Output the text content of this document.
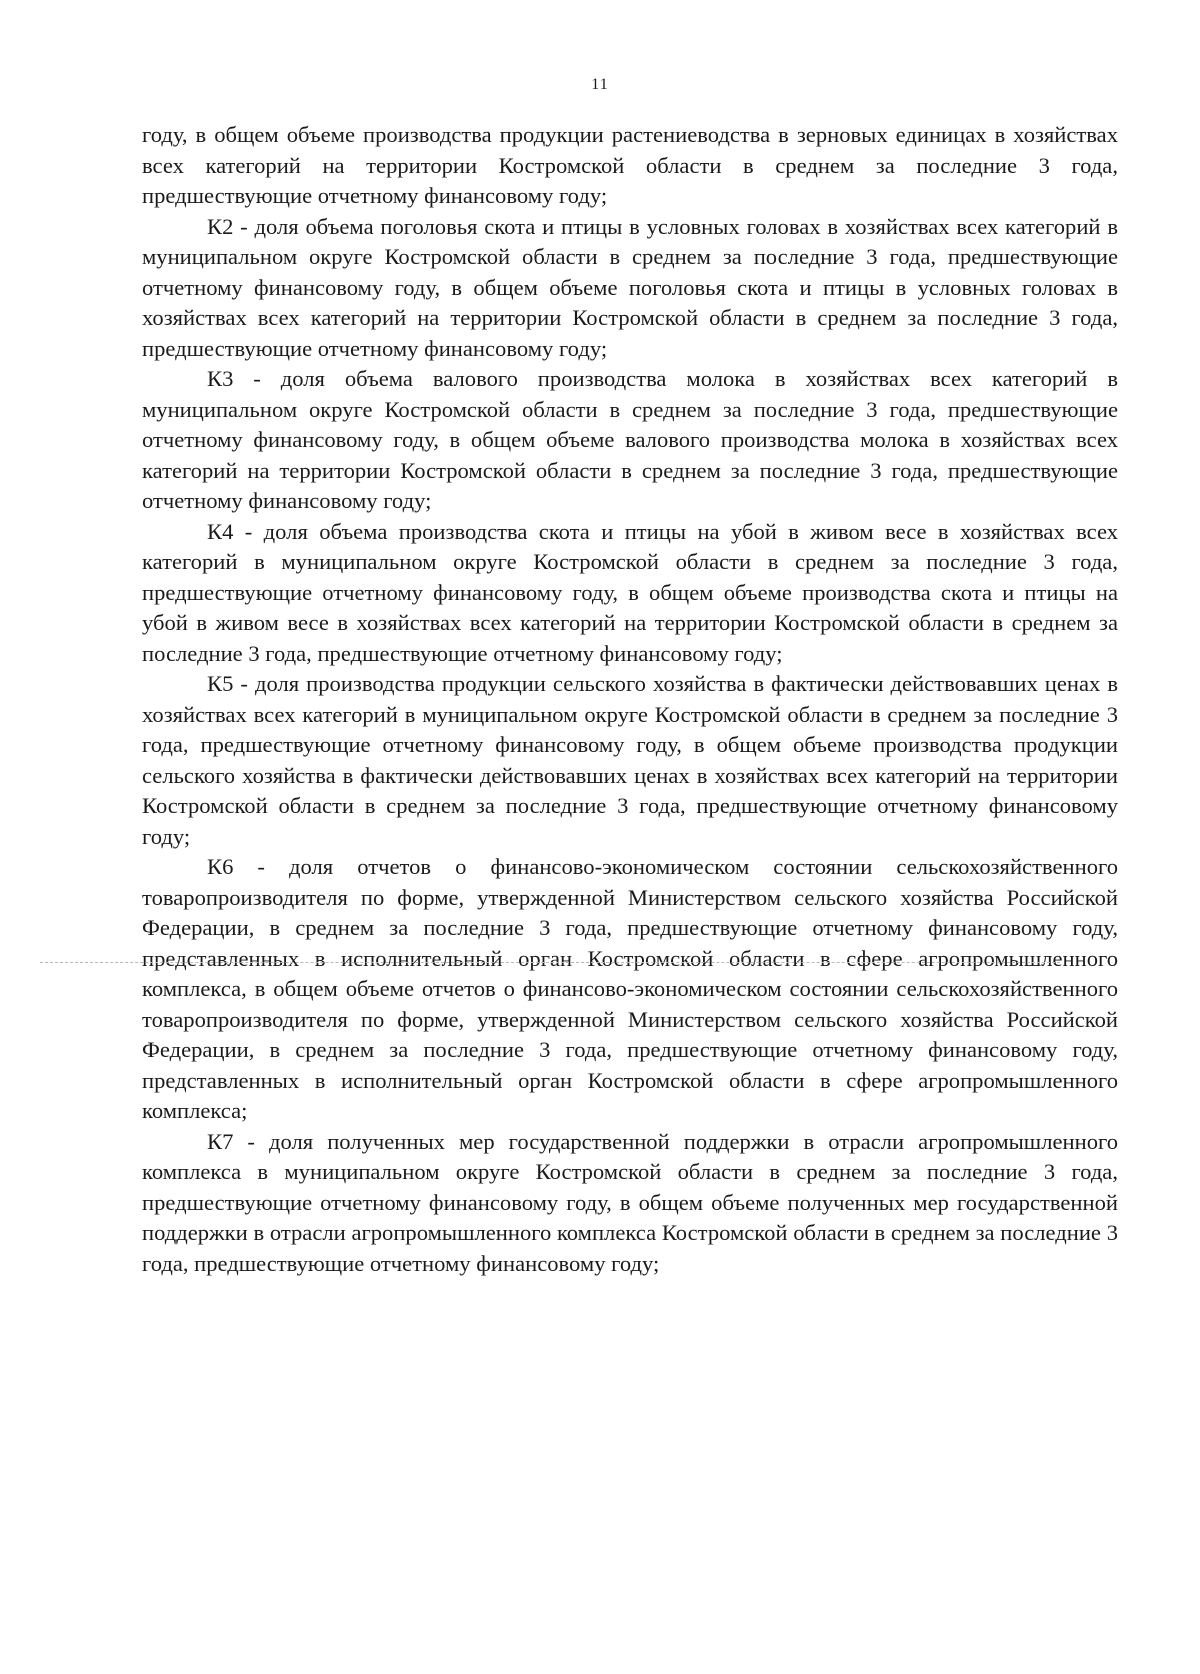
11

году, в общем объеме производства продукции растениеводства в зерновых единицах в хозяйствах всех категорий на территории Костромской области в среднем за последние 3 года, предшествующие отчетному финансовому году;

К2 - доля объема поголовья скота и птицы в условных головах в хозяйствах всех категорий в муниципальном округе Костромской области в среднем за последние 3 года, предшествующие отчетному финансовому году, в общем объеме поголовья скота и птицы в условных головах в хозяйствах всех категорий на территории Костромской области в среднем за последние 3 года, предшествующие отчетному финансовому году;

К3 - доля объема валового производства молока в хозяйствах всех категорий в муниципальном округе Костромской области в среднем за последние 3 года, предшествующие отчетному финансовому году, в общем объеме валового производства молока в хозяйствах всех категорий на территории Костромской области в среднем за последние 3 года, предшествующие отчетному финансовому году;

К4 - доля объема производства скота и птицы на убой в живом весе в хозяйствах всех категорий в муниципальном округе Костромской области в среднем за последние 3 года, предшествующие отчетному финансовому году, в общем объеме производства скота и птицы на убой в живом весе в хозяйствах всех категорий на территории Костромской области в среднем за последние 3 года, предшествующие отчетному финансовому году;

К5 - доля производства продукции сельского хозяйства в фактически действовавших ценах в хозяйствах всех категорий в муниципальном округе Костромской области в среднем за последние 3 года, предшествующие отчетному финансовому году, в общем объеме производства продукции сельского хозяйства в фактически действовавших ценах в хозяйствах всех категорий на территории Костромской области в среднем за последние 3 года, предшествующие отчетному финансовому году;

К6 - доля отчетов о финансово-экономическом состоянии сельскохозяйственного товаропроизводителя по форме, утвержденной Министерством сельского хозяйства Российской Федерации, в среднем за последние 3 года, предшествующие отчетному финансовому году, представленных в исполнительный орган Костромской области в сфере агропромышленного комплекса, в общем объеме отчетов о финансово-экономическом состоянии сельскохозяйственного товаропроизводителя по форме, утвержденной Министерством сельского хозяйства Российской Федерации, в среднем за последние 3 года, предшествующие отчетному финансовому году, представленных в исполнительный орган Костромской области в сфере агропромышленного комплекса;

К7 - доля полученных мер государственной поддержки в отрасли агропромышленного комплекса в муниципальном округе Костромской области в среднем за последние 3 года, предшествующие отчетному финансовому году, в общем объеме полученных мер государственной поддержки в отрасли агропромышленного комплекса Костромской области в среднем за последние 3 года, предшествующие отчетному финансовому году;
